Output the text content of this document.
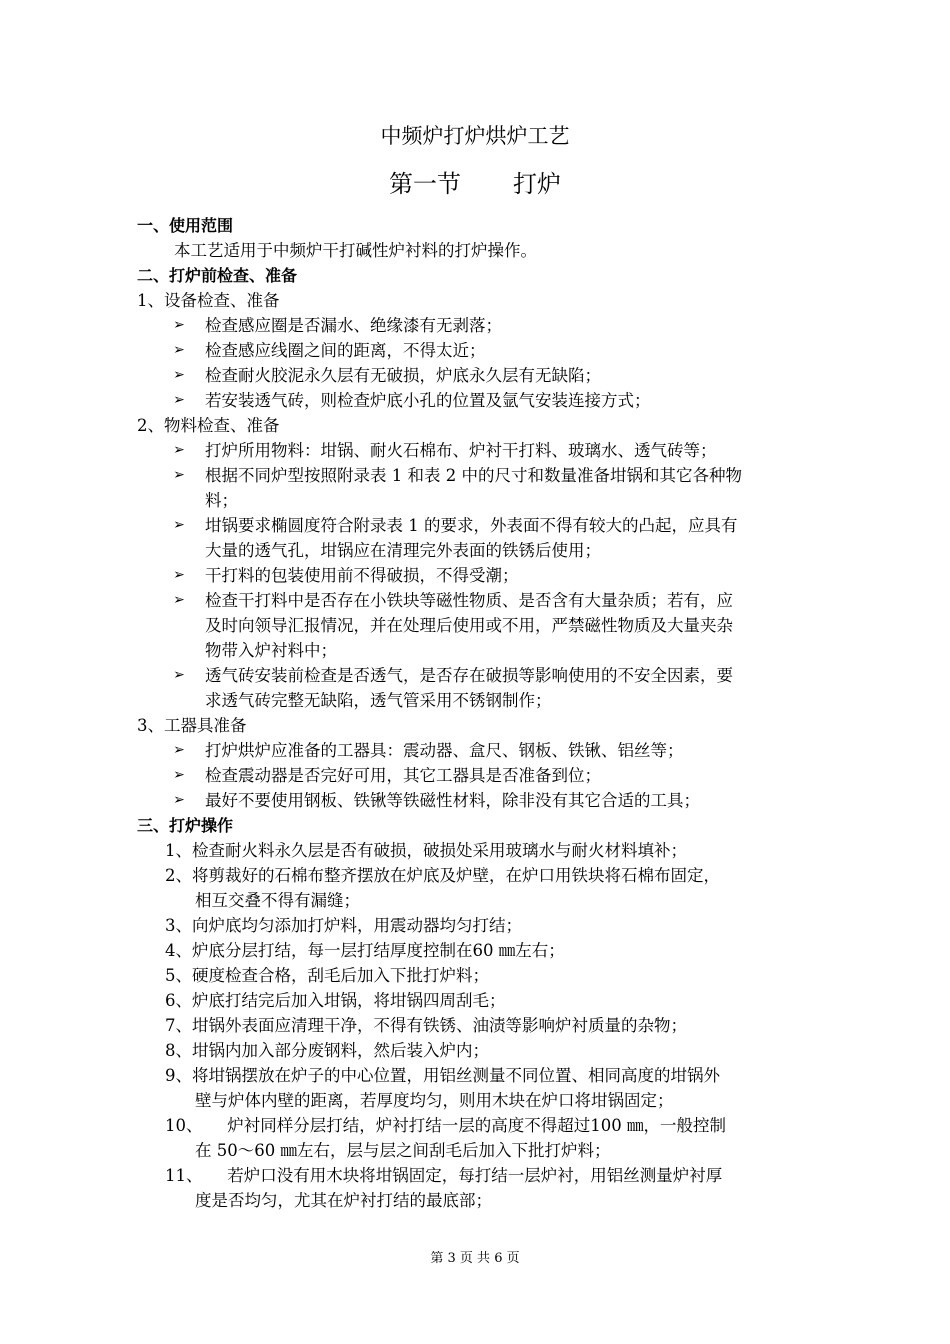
中频炉打炉烘炉工艺
第一节 打炉
一、使用范围
本工艺适用于中频炉干打碱性炉衬料的打炉操作。
二、打炉前检查、准备
1、设备检查、准备
➢ 检查感应圈是否漏水、绝缘漆有无剥落；
➢ 检查感应线圈之间的距离，不得太近；
➢ 检查耐火胶泥永久层有无破损，炉底永久层有无缺陷；
➢ 若安装透气砖，则检查炉底小孔的位置及氩气安装连接方式；
2、物料检查、准备
➢ 打炉所用物料：坩锅、耐火石棉布、炉衬干打料、玻璃水、透气砖等；
➢ 根据不同炉型按照附录表 1 和表 2 中的尺寸和数量准备坩锅和其它各种物
料；
➢ 坩锅要求椭圆度符合附录表 1 的要求，外表面不得有较大的凸起，应具有
大量的透气孔，坩锅应在清理完外表面的铁锈后使用；
➢ 干打料的包装使用前不得破损，不得受潮；
➢ 检查干打料中是否存在小铁块等磁性物质、是否含有大量杂质；若有，应
及时向领导汇报情况，并在处理后使用或不用，严禁磁性物质及大量夹杂
物带入炉衬料中；
➢ 透气砖安装前检查是否透气，是否存在破损等影响使用的不安全因素，要
求透气砖完整无缺陷，透气管采用不锈钢制作；
3、工器具准备
➢ 打炉烘炉应准备的工器具：震动器、盒尺、钢板、铁锹、铝丝等；
➢ 检查震动器是否完好可用，其它工器具是否准备到位；
➢ 最好不要使用钢板、铁锹等铁磁性材料，除非没有其它合适的工具；
三、打炉操作
1、检查耐火料永久层是否有破损，破损处采用玻璃水与耐火材料填补；
2、将剪裁好的石棉布整齐摆放在炉底及炉壁，在炉口用铁块将石棉布固定，
相互交叠不得有漏缝；
3、向炉底均匀添加打炉料，用震动器均匀打结；
4、炉底分层打结，每一层打结厚度控制在60 ㎜左右；
5、硬度检查合格，刮毛后加入下批打炉料；
6、炉底打结完后加入坩锅，将坩锅四周刮毛；
7、坩锅外表面应清理干净，不得有铁锈、油渍等影响炉衬质量的杂物；
8、坩锅内加入部分废钢料，然后装入炉内；
9、将坩锅摆放在炉子的中心位置，用铝丝测量不同位置、相同高度的坩锅外
壁与炉体内壁的距离，若厚度均匀，则用木块在炉口将坩锅固定；
10、　　炉衬同样分层打结，炉衬打结一层的高度不得超过100 ㎜，一般控制
在 50～60 ㎜左右，层与层之间刮毛后加入下批打炉料；
11、　　若炉口没有用木块将坩锅固定，每打结一层炉衬，用铝丝测量炉衬厚
度是否均匀，尤其在炉衬打结的最底部；
第 3 页 共 6 页
